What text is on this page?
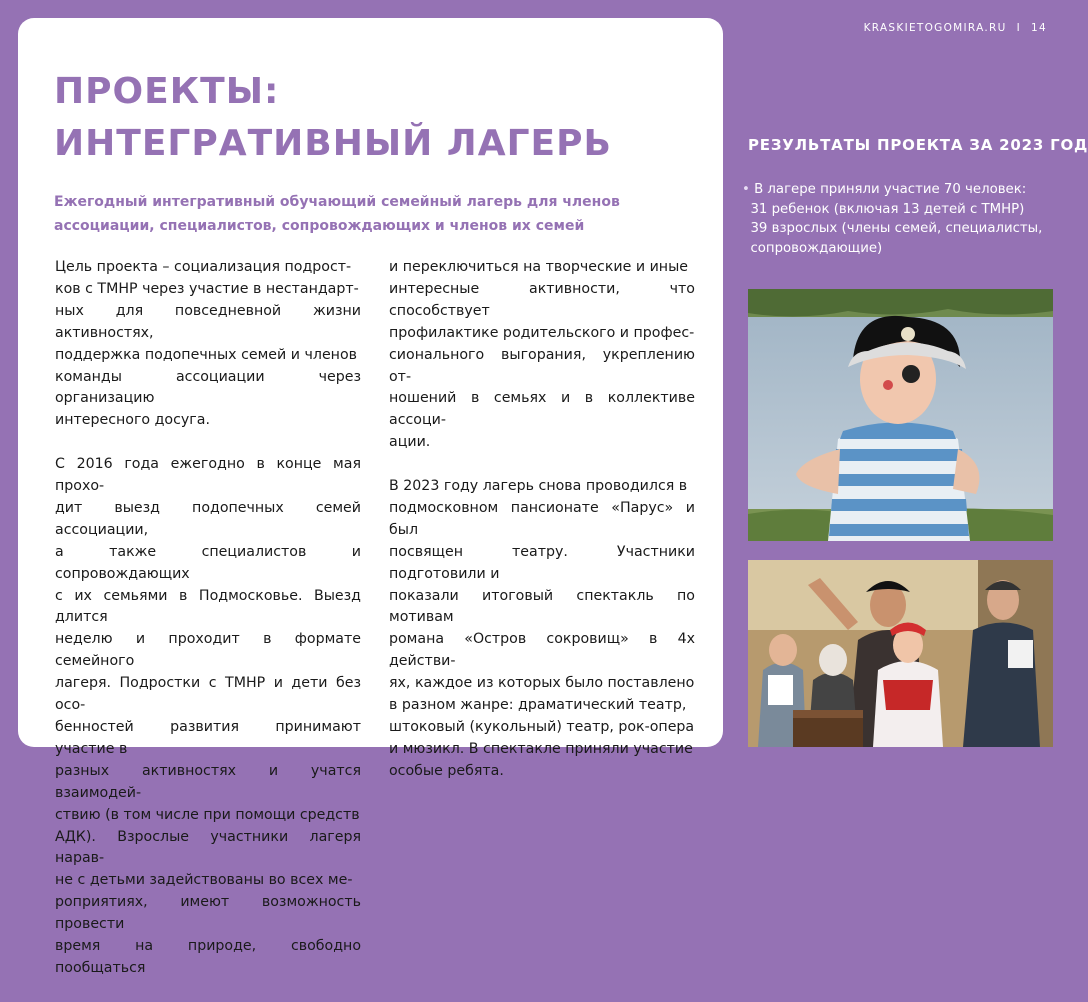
ПРОЕКТЫ:
ИНТЕГРАТИВНЫЙ ЛАГЕРЬ
Ежегодный интегративный обучающий семейный лагерь для членов ассоциации, специалистов, сопровождающих и членов их семей

Цель проекта – социализация подрост-
ков с ТМНР через участие в нестандарт-
ных для повседневной жизни активностях,
поддержка подопечных семей и членов
команды ассоциации через организацию
интересного досуга.

С 2016 года ежегодно в конце мая прохо-
дит выезд подопечных семей ассоциации,
а также специалистов и сопровождающих
с их семьями в Подмосковье. Выезд длится
неделю и проходит в формате семейного
лагеря. Подростки с ТМНР и дети без осо-
бенностей развития принимают участие в
разных активностях и учатся взаимодей-
ствию (в том числе при помощи средств
АДК). Взрослые участники лагеря нарав-
не с детьми задействованы во всех ме-
роприятиях, имеют возможность провести
время на природе, свободно пообщаться

и переключиться на творческие и иные
интересные активности, что способствует
профилактике родительского и профес-
сионального выгорания, укреплению от-
ношений в семьях и в коллективе ассоци-
ации.

В 2023 году лагерь снова проводился в
подмосковном пансионате «Парус» и был
посвящен театру. Участники подготовили и
показали итоговый спектакль по мотивам
романа «Остров сокровищ» в 4х действи-
ях, каждое из которых было поставлено
в разном жанре: драматический театр,
штоковый (кукольный) театр, рок-опера
и мюзикл. В спектакле приняли участие
особые ребята.

KRASKIETOGOMIRA.RU I 14
РЕЗУЛЬТАТЫ ПРОЕКТА ЗА 2023 ГОД
• В лагере приняли участие 70 человек:
31 ребенок (включая 13 детей с ТМНР)
39 взрослых (члены семей, специалисты,
сопровождающие)
